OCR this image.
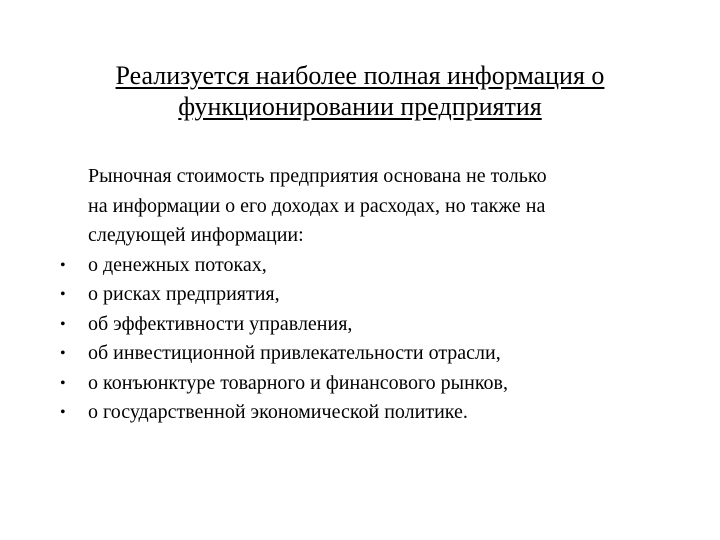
Реализуется наиболее полная информация о
функционировании предприятия
Рыночная стоимость предприятия основана не только
на информации о его доходах и расходах, но также на
следующей информации:
•	о денежных потоках,
•	о рисках предприятия,
•	об эффективности управления,
•	об инвестиционной привлекательности отрасли,
•	о конъюнктуре товарного и финансового рынков,
•	о государственной экономической политике.
